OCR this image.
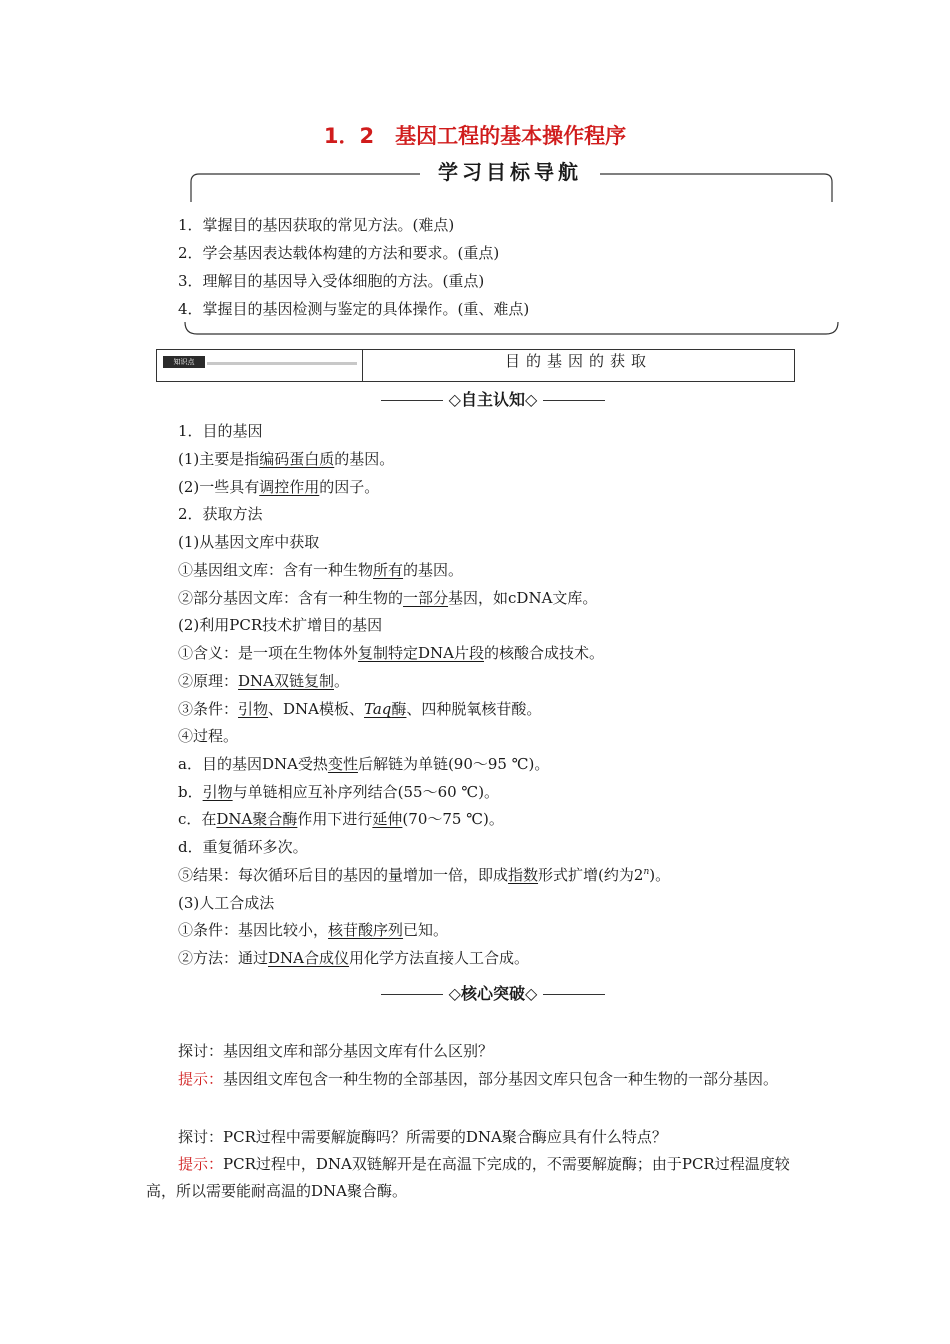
1．2　基因工程的基本操作程序
学习目标导航
1．掌握目的基因获取的常见方法。(难点)
2．学会基因表达载体构建的方法和要求。(重点)
3．理解目的基因导入受体细胞的方法。(重点)
4．掌握目的基因检测与鉴定的具体操作。(重、难点)
知识点	目的基因的获取
◇自主认知◇
1．目的基因
(1)主要是指编码蛋白质的基因。
(2)一些具有调控作用的因子。
2．获取方法
(1)从基因文库中获取
①基因组文库：含有一种生物所有的基因。
②部分基因文库：含有一种生物的一部分基因，如cDNA文库。
(2)利用PCR技术扩增目的基因
①含义：是一项在生物体外复制特定DNA片段的核酸合成技术。
②原理：DNA双链复制。
③条件：引物、DNA模板、Taq酶、四种脱氧核苷酸。
④过程。
a．目的基因DNA受热变性后解链为单链(90～95 ℃)。
b．引物与单链相应互补序列结合(55～60 ℃)。
c．在DNA聚合酶作用下进行延伸(70～75 ℃)。
d．重复循环多次。
⑤结果：每次循环后目的基因的量增加一倍，即成指数形式扩增(约为2$^n$)。
(3)人工合成法
①条件：基因比较小，核苷酸序列已知。
②方法：通过DNA合成仪用化学方法直接人工合成。
◇核心突破◇
探讨：基因组文库和部分基因文库有什么区别？
提示：基因组文库包含一种生物的全部基因，部分基因文库只包含一种生物的一部分基因。
探讨：PCR过程中需要解旋酶吗？所需要的DNA聚合酶应具有什么特点？
提示：PCR过程中，DNA双链解开是在高温下完成的，不需要解旋酶；由于PCR过程温度较高，所以需要能耐高温的DNA聚合酶。
